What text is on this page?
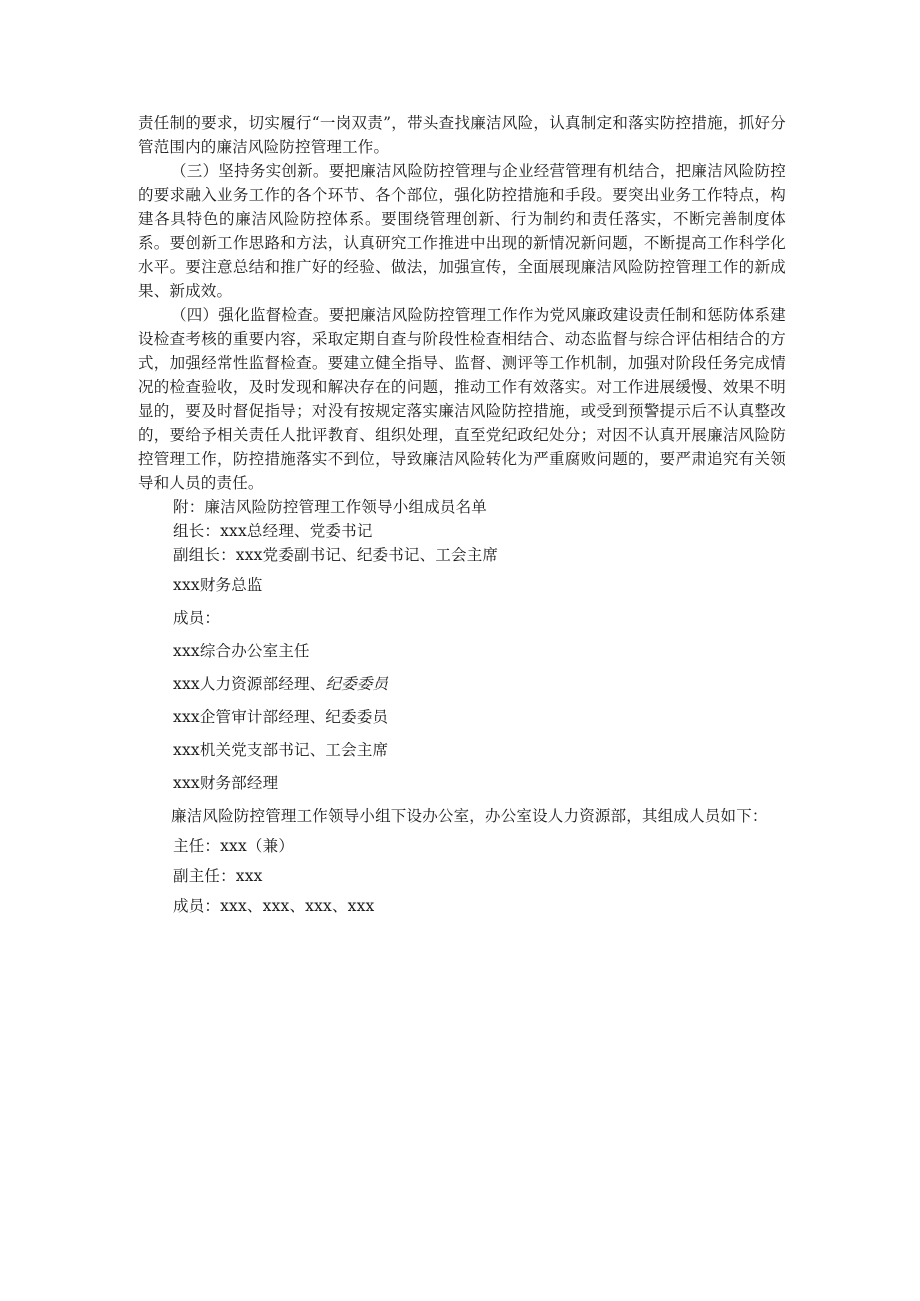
责任制的要求，切实履行“一岗双责”，带头查找廉洁风险，认真制定和落实防控措施，抓好分管范围内的廉洁风险防控管理工作。

（三）坚持务实创新。要把廉洁风险防控管理与企业经营管理有机结合，把廉洁风险防控的要求融入业务工作的各个环节、各个部位，强化防控措施和手段。要突出业务工作特点，构建各具特色的廉洁风险防控体系。要围绕管理创新、行为制约和责任落实，不断完善制度体系。要创新工作思路和方法，认真研究工作推进中出现的新情况新问题，不断提高工作科学化水平。要注意总结和推广好的经验、做法，加强宣传，全面展现廉洁风险防控管理工作的新成果、新成效。

（四）强化监督检查。要把廉洁风险防控管理工作作为党风廉政建设责任制和惩防体系建设检查考核的重要内容，采取定期自查与阶段性检查相结合、动态监督与综合评估相结合的方式，加强经常性监督检查。要建立健全指导、监督、测评等工作机制，加强对阶段任务完成情况的检查验收，及时发现和解决存在的问题，推动工作有效落实。对工作进展缓慢、效果不明显的，要及时督促指导；对没有按规定落实廉洁风险防控措施，或受到预警提示后不认真整改的，要给予相关责任人批评教育、组织处理，直至党纪政纪处分；对因不认真开展廉洁风险防控管理工作，防控措施落实不到位，导致廉洁风险转化为严重腐败问题的，要严肃追究有关领导和人员的责任。

附：廉洁风险防控管理工作领导小组成员名单

组长：xxx总经理、党委书记

副组长：xxx党委副书记、纪委书记、工会主席

xxx财务总监

成员：

xxx综合办公室主任

xxx人力资源部经理、纪委委员

xxx企管审计部经理、纪委委员

xxx机关党支部书记、工会主席

xxx财务部经理

廉洁风险防控管理工作领导小组下设办公室，办公室设人力资源部，其组成人员如下：

主任：xxx（兼）

副主任：xxx

成员：xxx、xxx、xxx、xxx
